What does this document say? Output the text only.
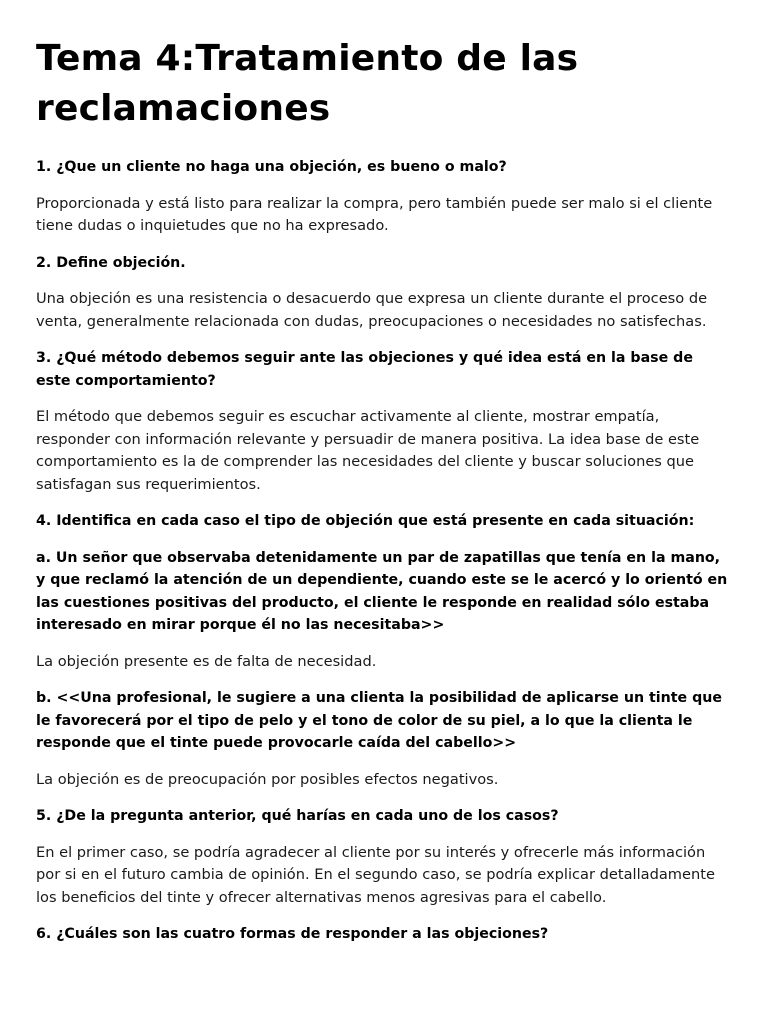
Tema 4:Tratamiento de las reclamaciones

1. ¿Que un cliente no haga una objeción, es bueno o malo?

Proporcionada y está listo para realizar la compra, pero también puede ser malo si el cliente tiene dudas o inquietudes que no ha expresado.

2. Define objeción.

Una objeción es una resistencia o desacuerdo que expresa un cliente durante el proceso de venta, generalmente relacionada con dudas, preocupaciones o necesidades no satisfechas.

3. ¿Qué método debemos seguir ante las objeciones y qué idea está en la base de este comportamiento?

El método que debemos seguir es escuchar activamente al cliente, mostrar empatía, responder con información relevante y persuadir de manera positiva. La idea base de este comportamiento es la de comprender las necesidades del cliente y buscar soluciones que satisfagan sus requerimientos.

4. Identifica en cada caso el tipo de objeción que está presente en cada situación:

a. Un señor que observaba detenidamente un par de zapatillas que tenía en la mano, y que reclamó la atención de un dependiente, cuando este se le acercó y lo orientó en las cuestiones positivas del producto, el cliente le responde en realidad sólo estaba interesado en mirar porque él no las necesitaba>>

La objeción presente es de falta de necesidad.

b. <<Una profesional, le sugiere a una clienta la posibilidad de aplicarse un tinte que le favorecerá por el tipo de pelo y el tono de color de su piel, a lo que la clienta le responde que el tinte puede provocarle caída del cabello>>

La objeción es de preocupación por posibles efectos negativos.

5. ¿De la pregunta anterior, qué harías en cada uno de los casos?

En el primer caso, se podría agradecer al cliente por su interés y ofrecerle más información por si en el futuro cambia de opinión. En el segundo caso, se podría explicar detalladamente los beneficios del tinte y ofrecer alternativas menos agresivas para el cabello.

6. ¿Cuáles son las cuatro formas de responder a las objeciones?
